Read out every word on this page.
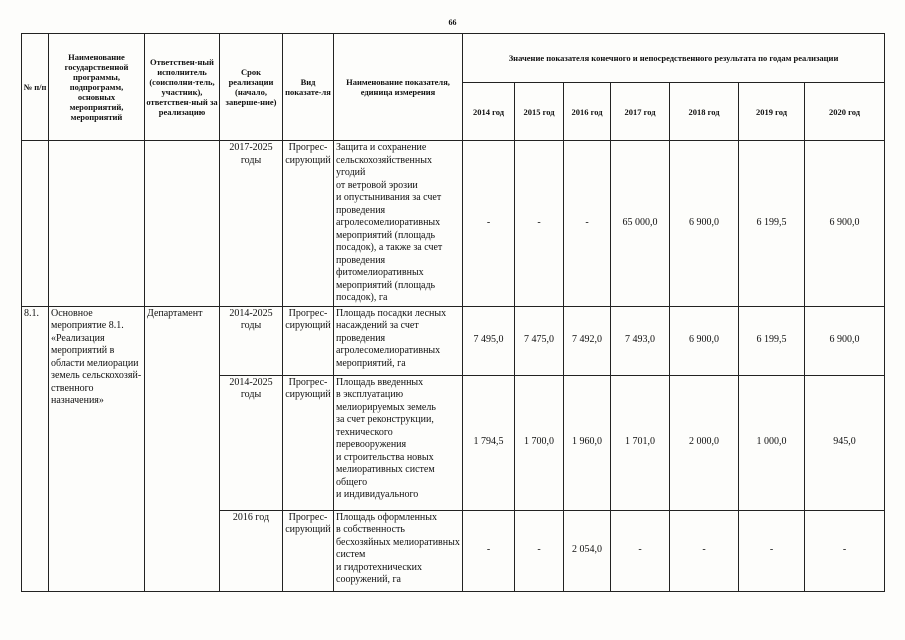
66
№ п/п	Наименование государственной программы, подпрограмм, основных мероприятий, мероприятий	Ответствен-ный исполнитель (соисполни-тель, участник), ответствен-ный за реализацию	Срок реализации (начало, заверше-ние)	Вид показате-ля	Наименование показателя, единица измерения	Значение показателя конечного и непосредственного результата по годам реализации						
						2014 год	2015 год	2016 год	2017 год	2018 год	2019 год	2020 год
			2017-2025 годы	Прогрес-сирующий	Защита и сохранение сельскохозяйственных угодий
от ветровой эрозии
и опустынивания за счет проведения агролесомелиоративных мероприятий (площадь посадок), а также за счет проведения фитомелиоративных мероприятий (площадь посадок), га	-	-	-	65 000,0	6 900,0	6 199,5	6 900,0
8.1.	Основное мероприятие 8.1. «Реализация мероприятий в области мелиорации земель сельскохозяй-ственного назначения»	Департамент	2014-2025 годы	Прогрес-сирующий	Площадь посадки лесных насаждений за счет проведения агролесомелиоративных мероприятий, га	7 495,0	7 475,0	7 492,0	7 493,0	6 900,0	6 199,5	6 900,0
			2014-2025 годы	Прогрес-сирующий	Площадь введенных
в эксплуатацию мелиорируемых земель
за счет реконструкции, технического перевооружения
и строительства новых мелиоративных систем общего
и индивидуального	1 794,5	1 700,0	1 960,0	1 701,0	2 000,0	1 000,0	945,0
			2016 год	Прогрес-сирующий	Площадь оформленных
в собственность бесхозяйных мелиоративных систем
и гидротехнических сооружений, га	-	-	2 054,0	-	-	-	-
